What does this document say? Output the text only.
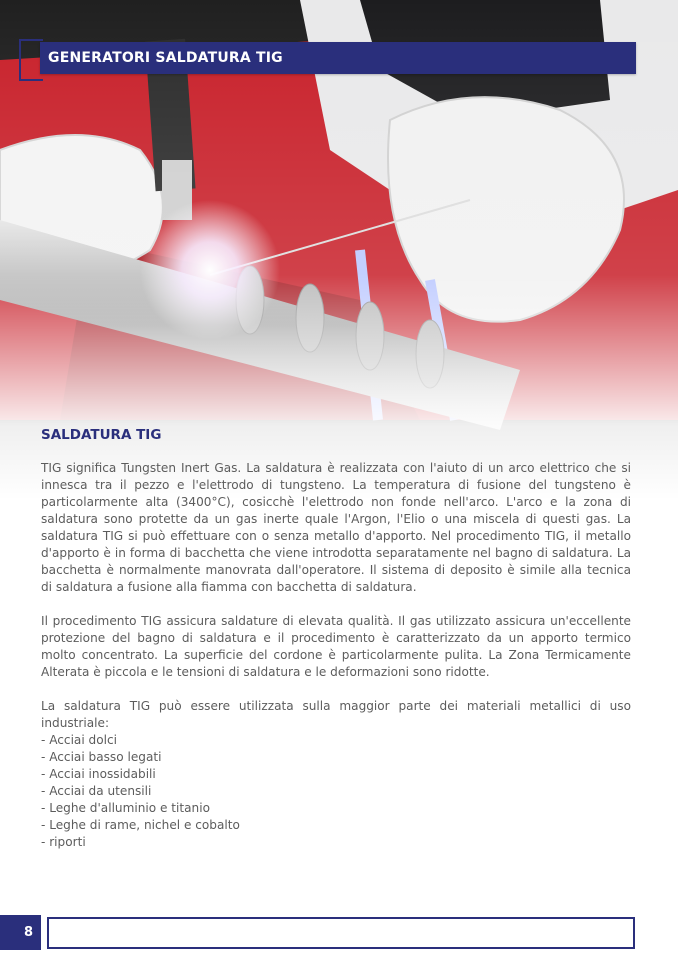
GENERATORI SALDATURA TIG
SALDATURA TIG

TIG significa Tungsten Inert Gas. La saldatura è realizzata con l'aiuto di un arco elettrico che si innesca tra il pezzo e l'elettrodo di tungsteno. La temperatura di fusione del tungsteno è particolarmente alta (3400°C), cosicchè l'elettrodo non fonde nell'arco. L'arco e la zona di saldatura sono protette da un gas inerte quale l'Argon, l'Elio o una miscela di questi gas. La saldatura TIG si può effettuare con o senza metallo d'apporto. Nel procedimento TIG, il metallo d'apporto è in forma di bacchetta che viene introdotta separatamente nel bagno di saldatura. La bacchetta è normalmente manovrata dall'operatore. Il sistema di deposito è simile alla tecnica di saldatura a fusione alla fiamma con bacchetta di saldatura.

Il procedimento TIG assicura saldature di elevata qualità. Il gas utilizzato assicura un'eccellente protezione del bagno di saldatura e il procedimento è caratterizzato da un apporto termico molto concentrato. La superficie del cordone è particolarmente pulita. La Zona Termicamente Alterata è piccola e le tensioni di saldatura e le deformazioni sono ridotte.

La saldatura TIG può essere utilizzata sulla maggior parte dei materiali metallici di uso industriale:

- Acciai dolci
- Acciai basso legati
- Acciai inossidabili
- Acciai da utensili
- Leghe d'alluminio e titanio
- Leghe di rame, nichel e cobalto
- riporti
8
